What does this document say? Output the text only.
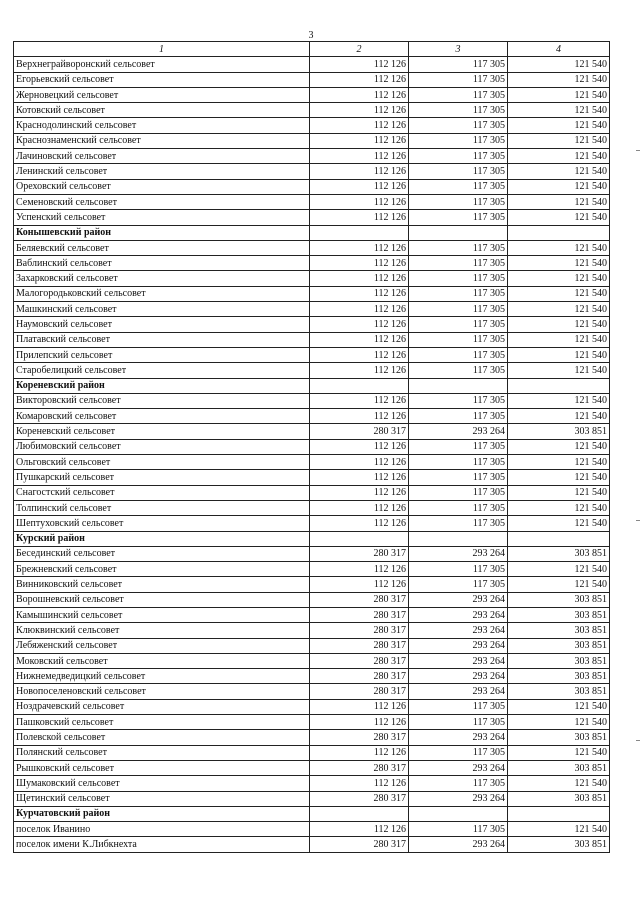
3
1	2	3	4
Верхнеграйворонский сельсовет	112 126	117 305	121 540
Егорьевский сельсовет	112 126	117 305	121 540
Жерновецкий сельсовет	112 126	117 305	121 540
Котовский сельсовет	112 126	117 305	121 540
Краснодолинский сельсовет	112 126	117 305	121 540
Краснознаменский сельсовет	112 126	117 305	121 540
Лачиновский сельсовет	112 126	117 305	121 540
Ленинский сельсовет	112 126	117 305	121 540
Ореховский сельсовет	112 126	117 305	121 540
Семеновский сельсовет	112 126	117 305	121 540
Успенский сельсовет	112 126	117 305	121 540
Конышевский район			
Беляевский сельсовет	112 126	117 305	121 540
Ваблинский сельсовет	112 126	117 305	121 540
Захарковский сельсовет	112 126	117 305	121 540
Малогородьковский сельсовет	112 126	117 305	121 540
Машкинский сельсовет	112 126	117 305	121 540
Наумовский сельсовет	112 126	117 305	121 540
Платавский сельсовет	112 126	117 305	121 540
Прилепский сельсовет	112 126	117 305	121 540
Старобелицкий сельсовет	112 126	117 305	121 540
Кореневский район			
Викторовский сельсовет	112 126	117 305	121 540
Комаровский сельсовет	112 126	117 305	121 540
Кореневский сельсовет	280 317	293 264	303 851
Любимовский сельсовет	112 126	117 305	121 540
Ольговский сельсовет	112 126	117 305	121 540
Пушкарский сельсовет	112 126	117 305	121 540
Снагостский сельсовет	112 126	117 305	121 540
Толпинский сельсовет	112 126	117 305	121 540
Шептуховский сельсовет	112 126	117 305	121 540
Курский район			
Бесединский сельсовет	280 317	293 264	303 851
Брежневский сельсовет	112 126	117 305	121 540
Винниковский сельсовет	112 126	117 305	121 540
Ворошневский сельсовет	280 317	293 264	303 851
Камышинский сельсовет	280 317	293 264	303 851
Клюквинский сельсовет	280 317	293 264	303 851
Лебяженский сельсовет	280 317	293 264	303 851
Моковский сельсовет	280 317	293 264	303 851
Нижнемедведицкий сельсовет	280 317	293 264	303 851
Новопоселеновский сельсовет	280 317	293 264	303 851
Ноздрачевский сельсовет	112 126	117 305	121 540
Пашковский сельсовет	112 126	117 305	121 540
Полевской сельсовет	280 317	293 264	303 851
Полянский сельсовет	112 126	117 305	121 540
Рышковский сельсовет	280 317	293 264	303 851
Шумаковский сельсовет	112 126	117 305	121 540
Щетинский сельсовет	280 317	293 264	303 851
Курчатовский район			
поселок Иванино	112 126	117 305	121 540
поселок имени К.Либкнехта	280 317	293 264	303 851
